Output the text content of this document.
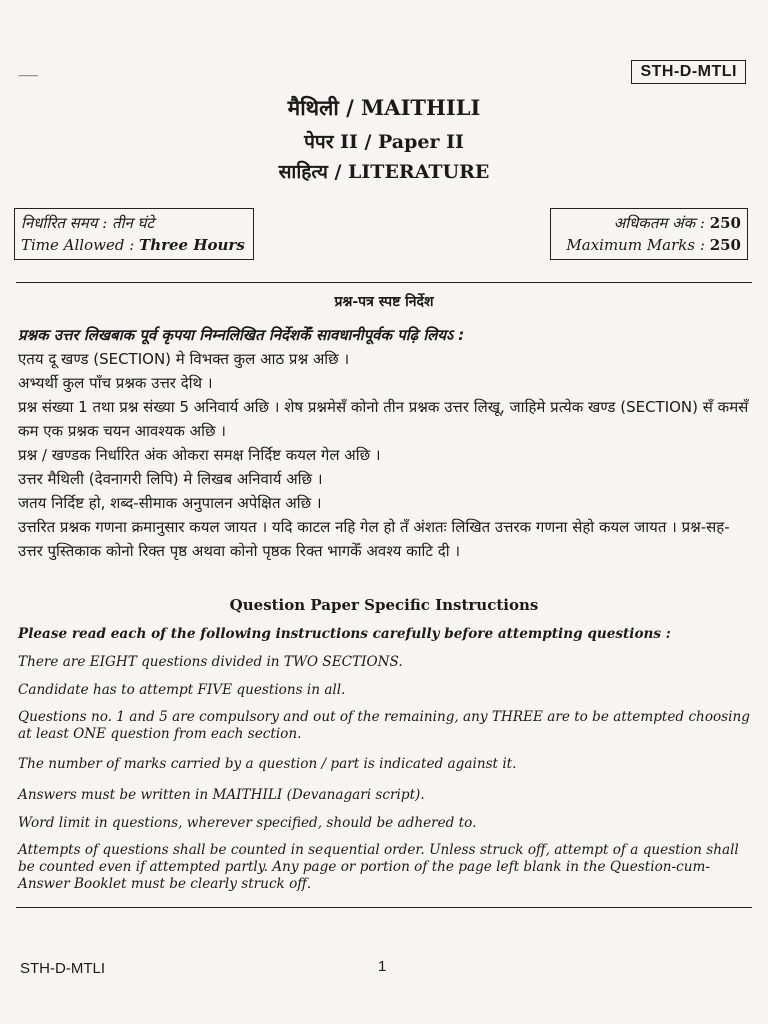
⸺	STH-D-MTLI
मैथिली / MAITHILI
पेपर II / Paper II
साहित्य / LITERATURE
निर्धारित समय : तीन घंटे
Time Allowed : Three Hours
अधिकतम अंक : 250
Maximum Marks : 250
प्रश्न-पत्र स्पष्ट निर्देश

प्रश्नक उत्तर लिखबाक पूर्व कृपया निम्नलिखित निर्देशकेँ सावधानीपूर्वक पढ़ि लियऽ :

एतय दू खण्ड (SECTION) मे विभक्त कुल आठ प्रश्न अछि ।

अभ्यर्थी कुल पाँच प्रश्नक उत्तर देथि ।

प्रश्न संख्या 1 तथा प्रश्न संख्या 5 अनिवार्य अछि । शेष प्रश्नमेसँ कोनो तीन प्रश्नक उत्तर लिखू, जाहिमे प्रत्येक खण्ड (SECTION) सँ कमसँ कम एक प्रश्नक चयन आवश्यक अछि ।

प्रश्न / खण्डक निर्धारित अंक ओकरा समक्ष निर्दिष्ट कयल गेल अछि ।

उत्तर मैथिली (देवनागरी लिपि) मे लिखब अनिवार्य अछि ।

जतय निर्दिष्ट हो, शब्द-सीमाक अनुपालन अपेक्षित अछि ।

उत्तरित प्रश्नक गणना क्रमानुसार कयल जायत । यदि काटल नहि गेल हो तँ अंशतः लिखित उत्तरक गणना सेहो कयल जायत । प्रश्न-सह-उत्तर पुस्तिकाक कोनो रिक्त पृष्ठ अथवा कोनो पृष्ठक रिक्त भागकेँ अवश्य काटि दी ।

Question Paper Specific Instructions

Please read each of the following instructions carefully before attempting questions :

There are EIGHT questions divided in TWO SECTIONS.
Candidate has to attempt FIVE questions in all.
Questions no. 1 and 5 are compulsory and out of the remaining, any THREE are to be attempted choosing at least ONE question from each section.
The number of marks carried by a question / part is indicated against it.
Answers must be written in MAITHILI (Devanagari script).
Word limit in questions, wherever specified, should be adhered to.
Attempts of questions shall be counted in sequential order. Unless struck off, attempt of a question shall be counted even if attempted partly. Any page or portion of the page left blank in the Question-cum-Answer Booklet must be clearly struck off.
STH-D-MTLI	1
